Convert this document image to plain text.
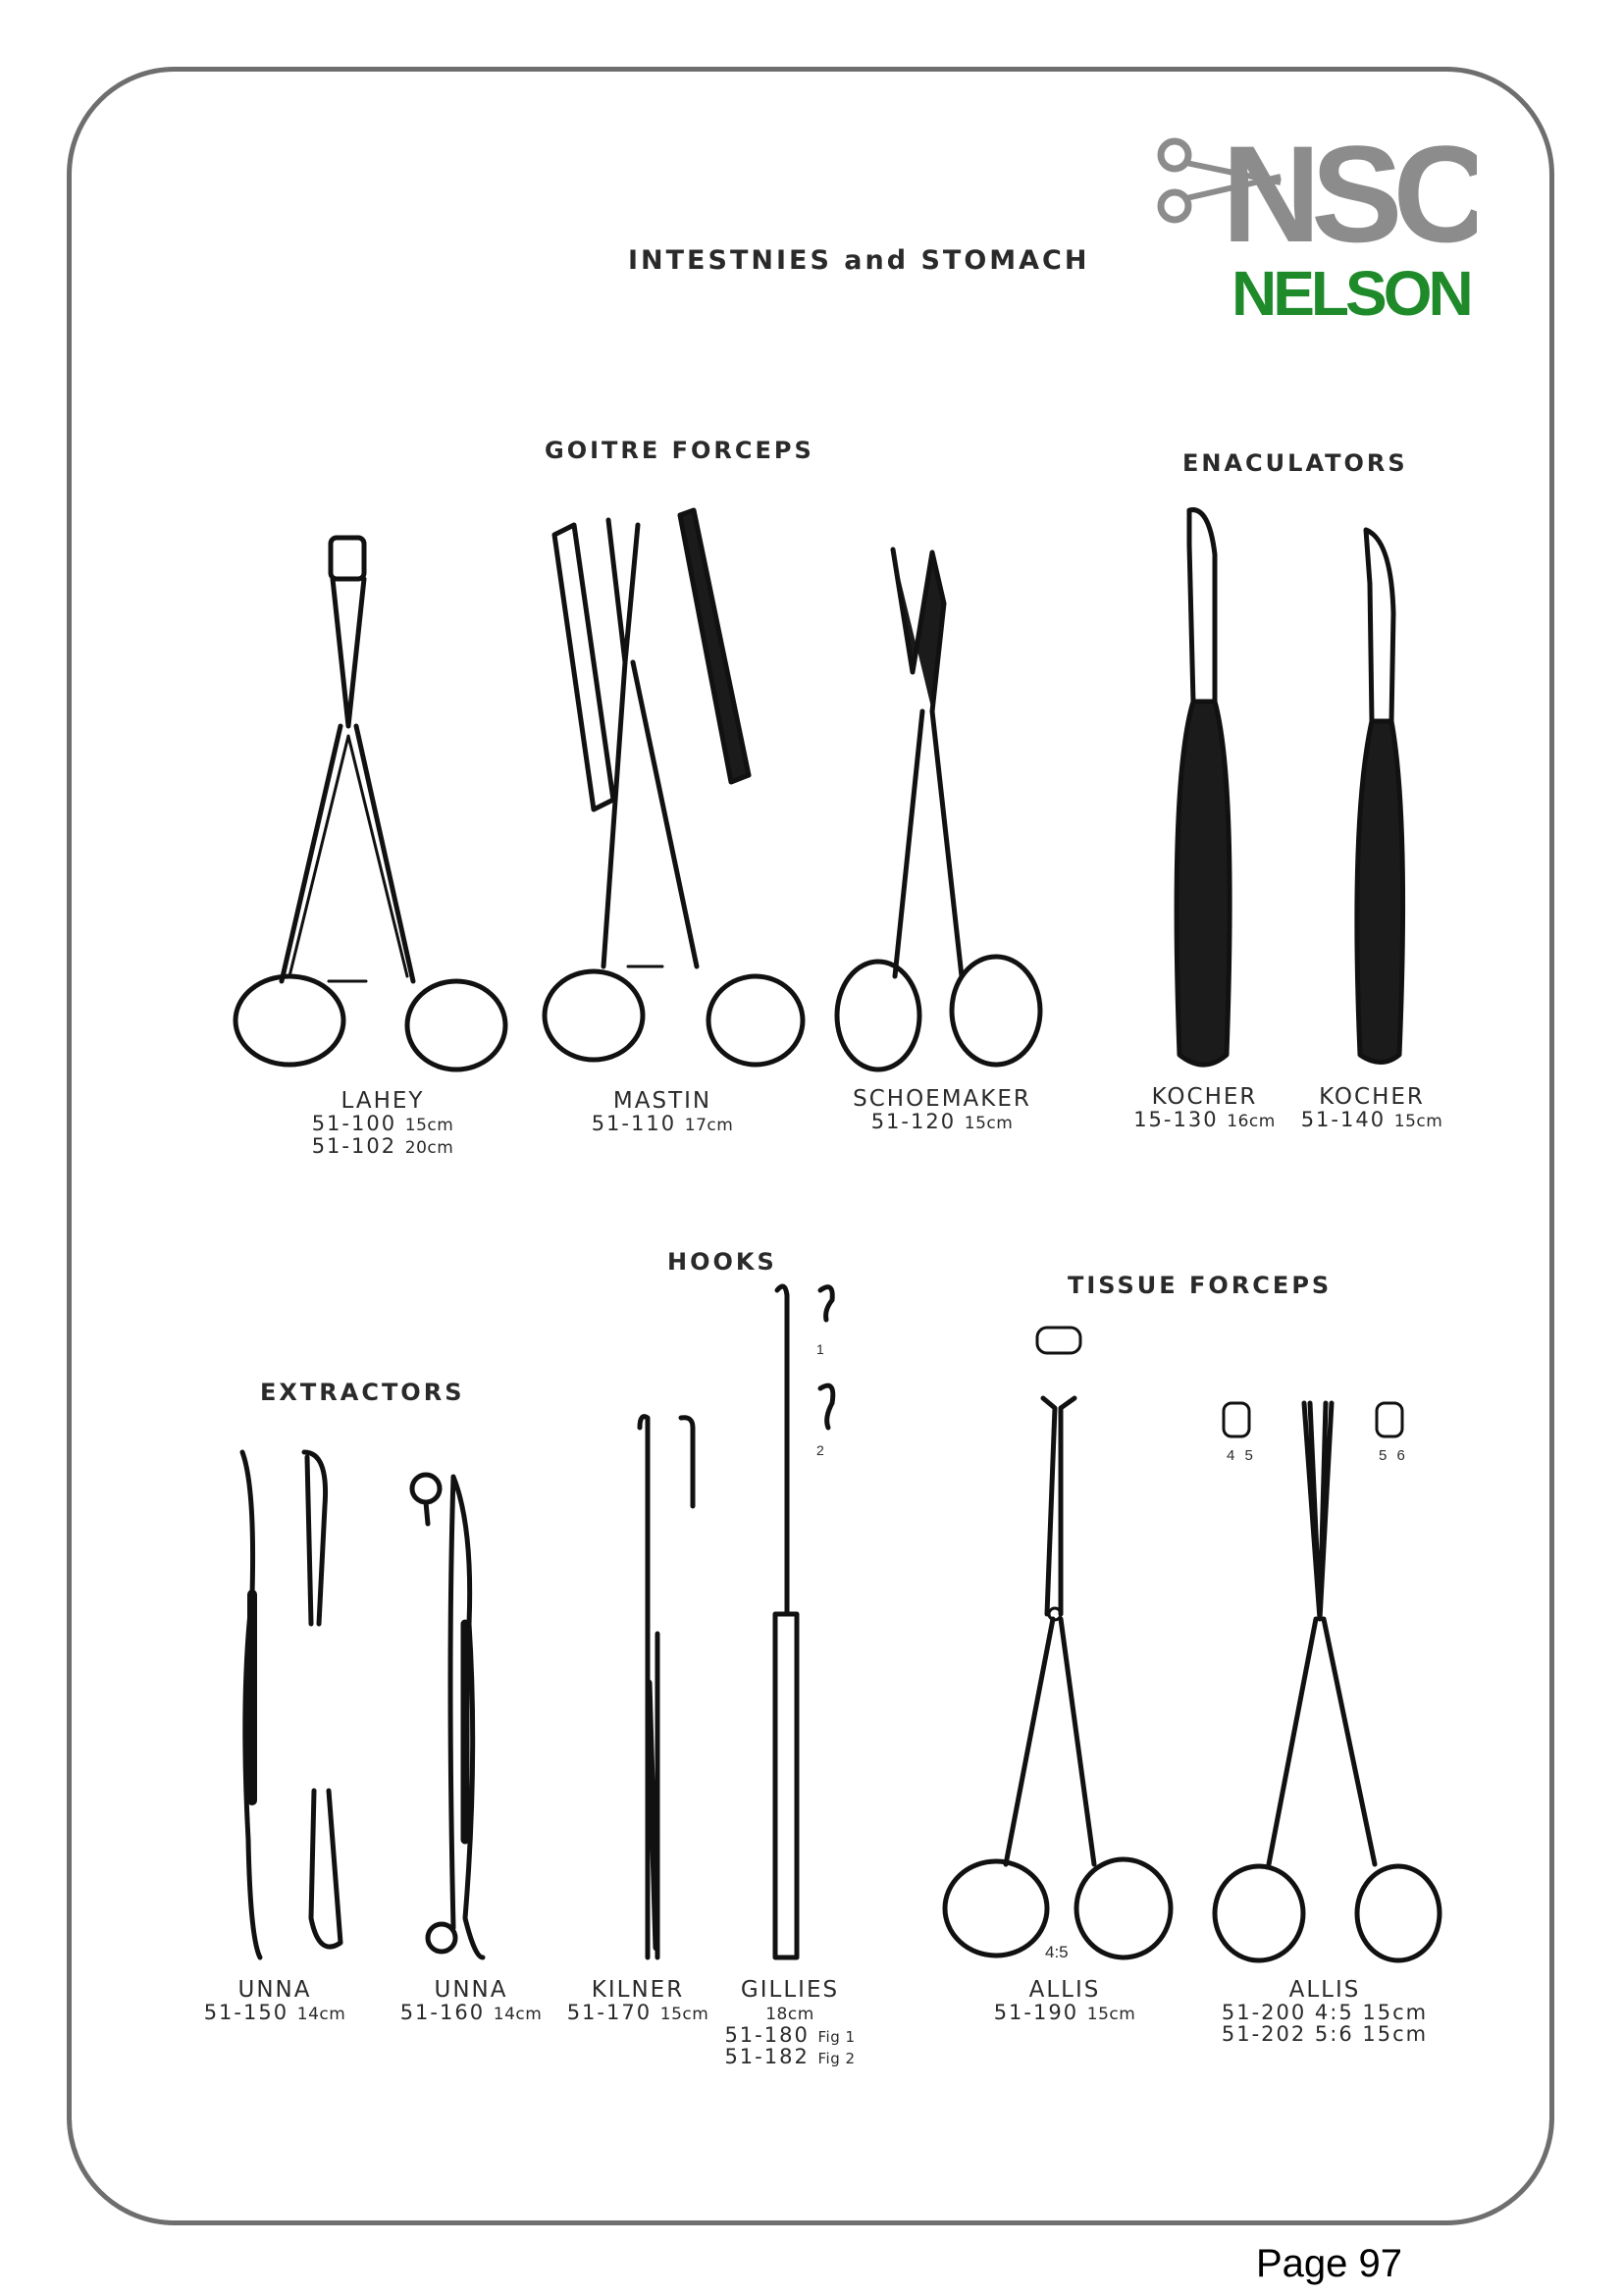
INTESTNIES and STOMACH NSC
NELSON
GOITRE FORCEPS	ENACULATORS
HOOKS
TISSUE FORCEPS
EXTRACTORS
LAHEY
51-100 15cm
51-102 20cm
MASTIN
51-110 17cm
SCHOEMAKER
51-120 15cm
KOCHER
15-130 16cm
KOCHER
51-140 15cm
1
2
4:5
4 5	5 6
UNNA
51-150 14cm
UNNA
51-160 14cm
KILNER
51-170 15cm
GILLIES
18cm
51-180 Fig 1
51-182 Fig 2
ALLIS
51-190 15cm
ALLIS
51-200 4:5 15cm
51-202 5:6 15cm
Page 97
